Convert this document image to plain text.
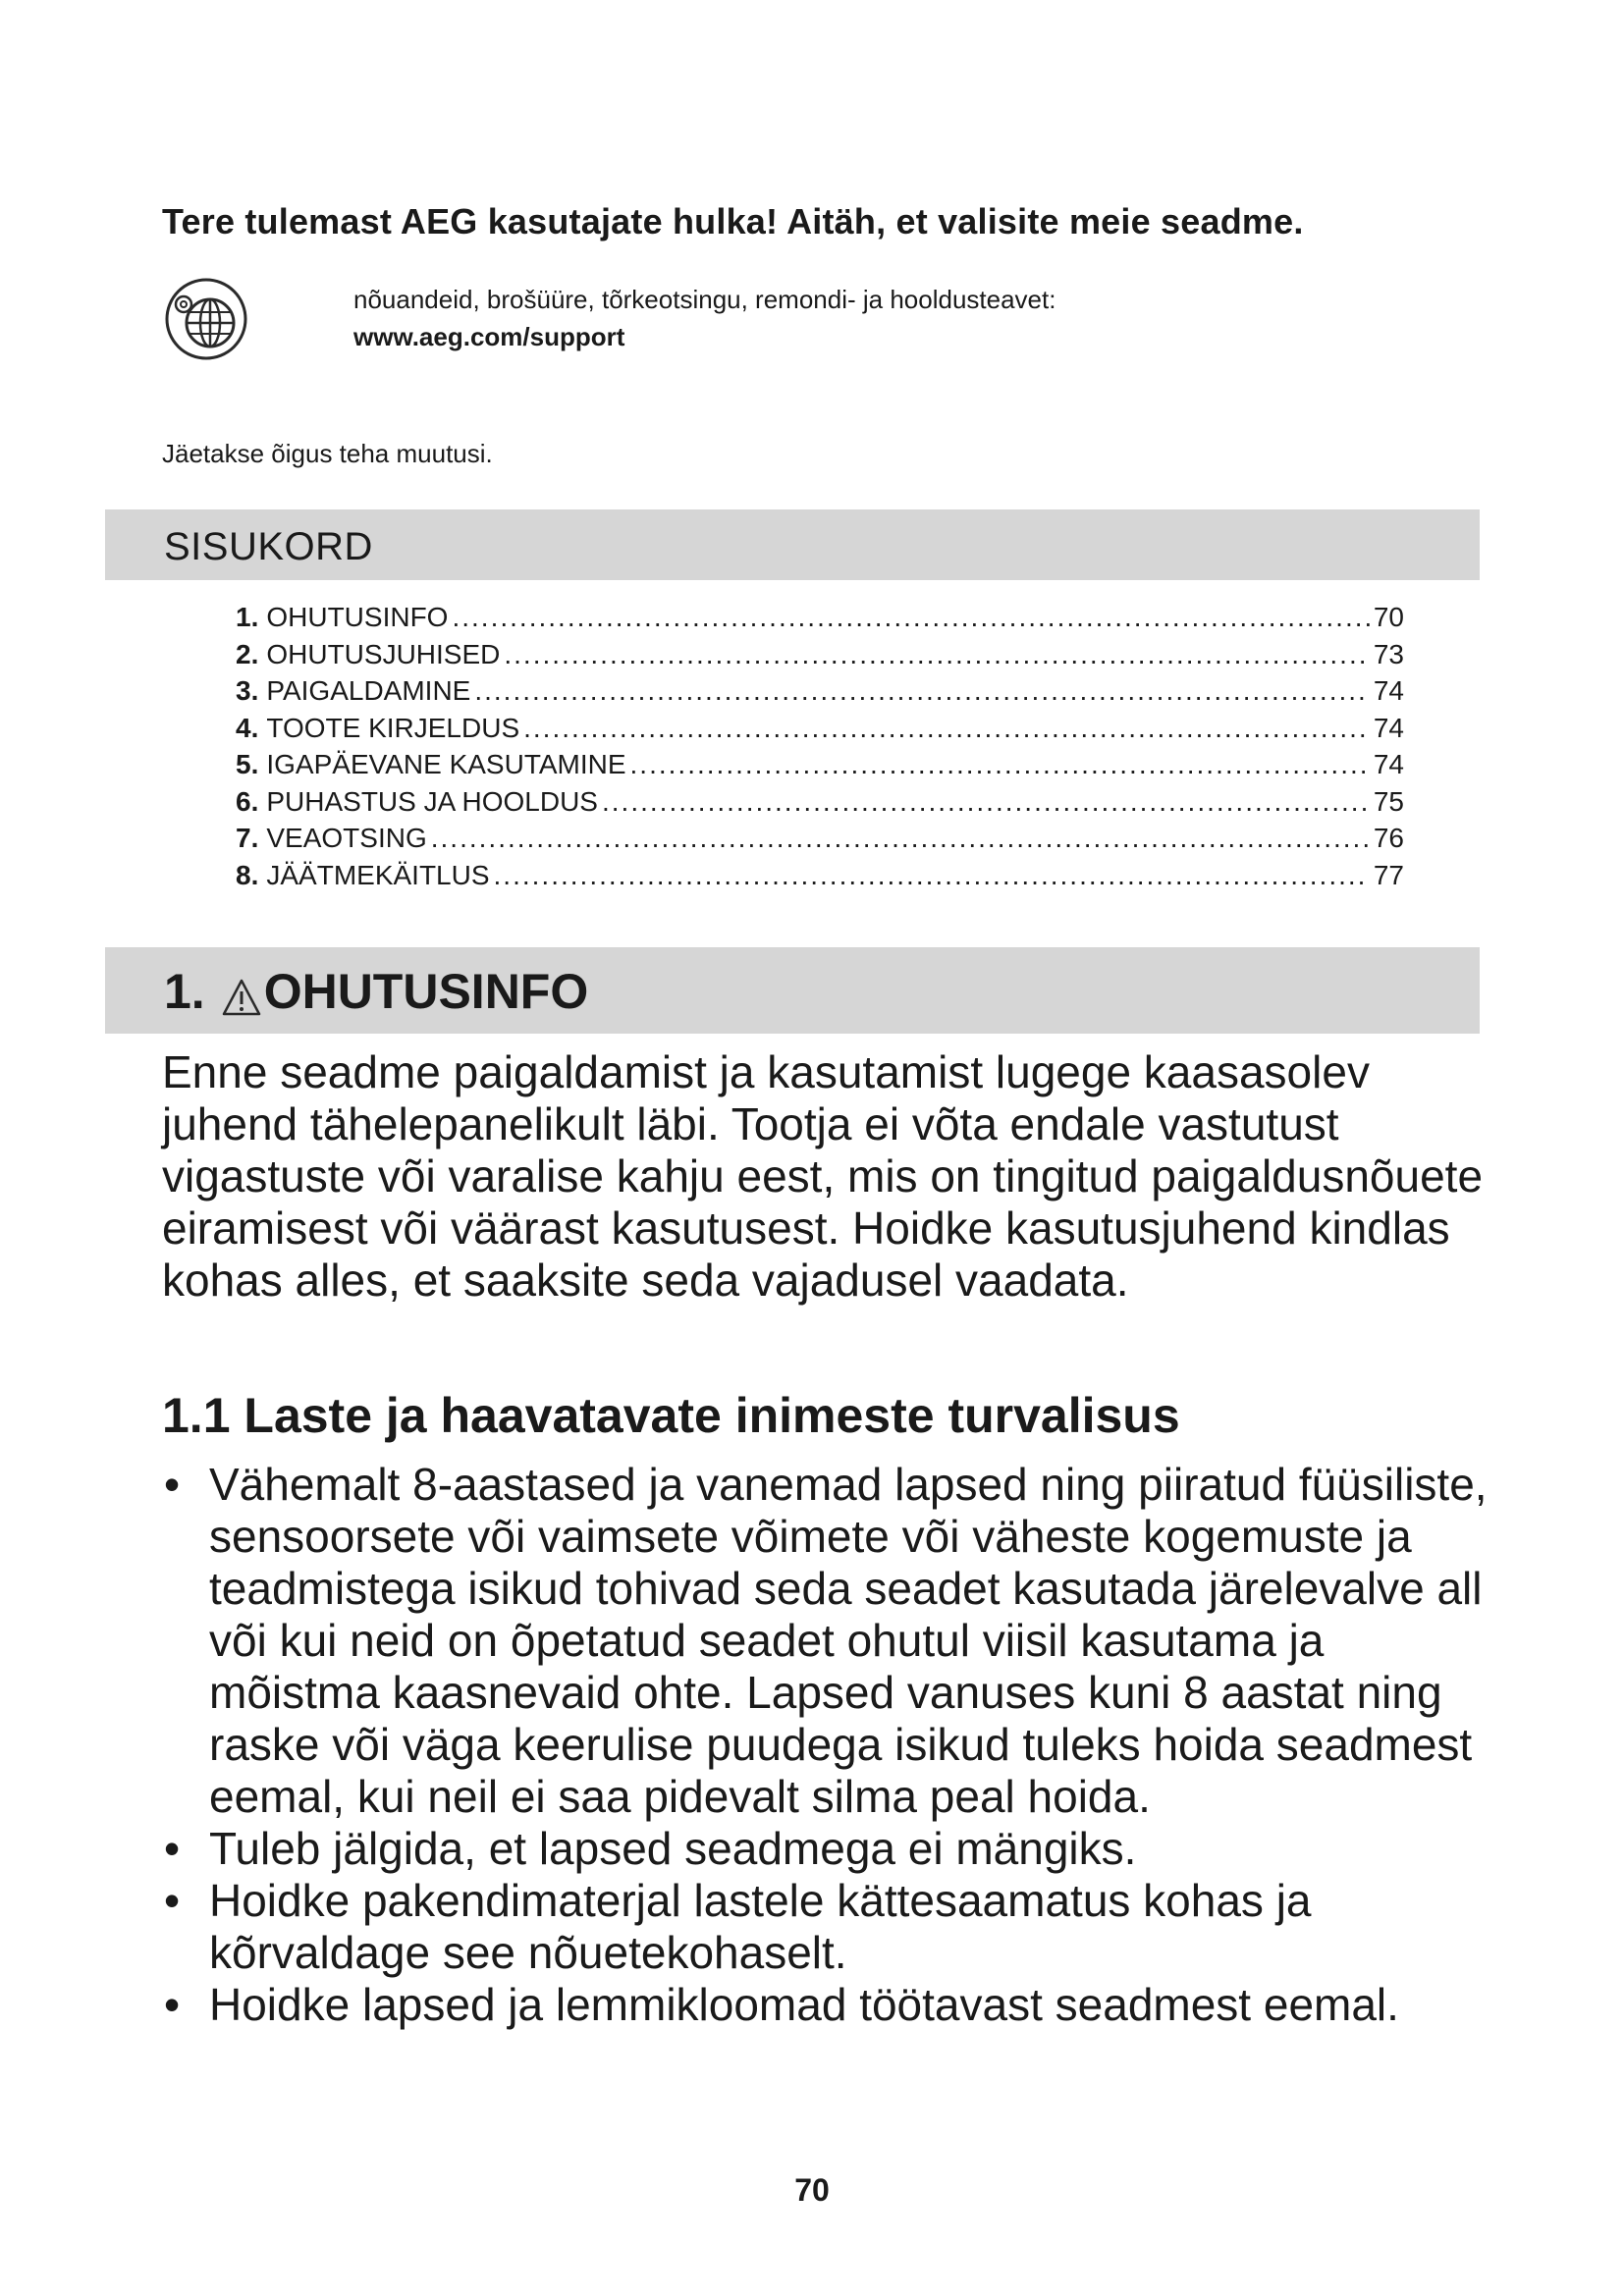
Tere tulemast AEG kasutajate hulka! Aitäh, et valisite meie seadme.
nõuandeid, brošüüre, tõrkeotsingu, remondi- ja hooldusteavet:
www.aeg.com/support
Jäetakse õigus teha muutusi.
SISUKORD
1. OHUTUSINFO .....	70
2. OHUTUSJUHISED .....	73
3. PAIGALDAMINE .....	74
4. TOOTE KIRJELDUS .....	74
5. IGAPÄEVANE KASUTAMINE .....	74
6. PUHASTUS JA HOOLDUS .....	75
7. VEAOTSING .....	76
8. JÄÄTMEKÄITLUS .....	77
1. OHUTUSINFO

Enne seadme paigaldamist ja kasutamist lugege kaasasolev juhend tähelepanelikult läbi. Tootja ei võta endale vastutust vigastuste või varalise kahju eest, mis on tingitud paigaldusnõuete eiramisest või väärast kasutusest. Hoidke kasutusjuhend kindlas kohas alles, et saaksite seda vajadusel vaadata.

1.1 Laste ja haavatavate inimeste turvalisus
• Vähemalt 8-aastased ja vanemad lapsed ning piiratud füüsiliste, sensoorsete või vaimsete võimete või väheste kogemuste ja teadmistega isikud tohivad seda seadet kasutada järelevalve all või kui neid on õpetatud seadet ohutul viisil kasutama ja mõistma kaasnevaid ohte. Lapsed vanuses kuni 8 aastat ning raske või väga keerulise puudega isikud tuleks hoida seadmest eemal, kui neil ei saa pidevalt silma peal hoida.
• Tuleb jälgida, et lapsed seadmega ei mängiks.
• Hoidke pakendimaterjal lastele kättesaamatus kohas ja kõrvaldage see nõuetekohaselt.
• Hoidke lapsed ja lemmikloomad töötavast seadmest eemal.
70
